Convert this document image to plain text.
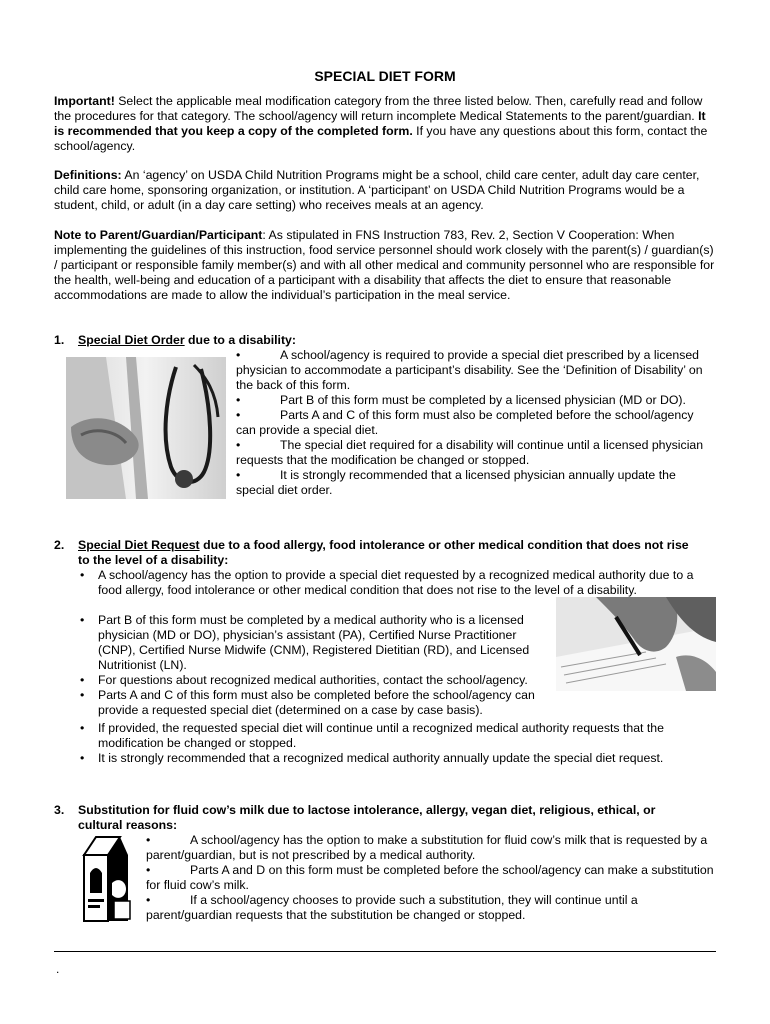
SPECIAL DIET FORM

Important! Select the applicable meal modification category from the three listed below. Then, carefully read and follow the procedures for that category. The school/agency will return incomplete Medical Statements to the parent/guardian. It is recommended that you keep a copy of the completed form. If you have any questions about this form, contact the school/agency.

Definitions: An ‘agency’ on USDA Child Nutrition Programs might be a school, child care center, adult day care center, child care home, sponsoring organization, or institution. A ‘participant’ on USDA Child Nutrition Programs would be a student, child, or adult (in a day care setting) who receives meals at an agency.

Note to Parent/Guardian/Participant: As stipulated in FNS Instruction 783, Rev. 2, Section V Cooperation: When implementing the guidelines of this instruction, food service personnel should work closely with the parent(s) / guardian(s) / participant or responsible family member(s) and with all other medical and community personnel who are responsible for the health, well-being and education of a participant with a disability that affects the diet to ensure that reasonable accommodations are made to allow the individual’s participation in the meal service.

1. Special Diet Order due to a disability:
•A school/agency is required to provide a special diet prescribed by a licensed physician to accommodate a participant’s disability. See the ‘Definition of Disability’ on the back of this form.
•Part B of this form must be completed by a licensed physician (MD or DO).
•Parts A and C of this form must also be completed before the school/agency can provide a special diet.
•The special diet required for a disability will continue until a licensed physician requests that the modification be changed or stopped.
•It is strongly recommended that a licensed physician annually update the special diet order.
2. Special Diet Request due to a food allergy, food intolerance or other medical condition that does not rise
to the level of a disability:
• A school/agency has the option to provide a special diet requested by a recognized medical authority due to a food allergy, food intolerance or other medical condition that does not rise to the level of a disability.
• Part B of this form must be completed by a medical authority who is a licensed physician (MD or DO), physician’s assistant (PA), Certified Nurse Practitioner (CNP), Certified Nurse Midwife (CNM), Registered Dietitian (RD), and Licensed Nutritionist (LN).
• For questions about recognized medical authorities, contact the school/agency.
• Parts A and C of this form must also be completed before the school/agency can provide a requested special diet (determined on a case by case basis).
• If provided, the requested special diet will continue until a recognized medical authority requests that the modification be changed or stopped.
• It is strongly recommended that a recognized medical authority annually update the special diet request.
3. Substitution for fluid cow’s milk due to lactose intolerance, allergy, vegan diet, religious, ethical, or
cultural reasons:
•A school/agency has the option to make a substitution for fluid cow’s milk that is requested by a parent/guardian, but is not prescribed by a medical authority.
•Parts A and D on this form must be completed before the school/agency can make a substitution for fluid cow’s milk.
•If a school/agency chooses to provide such a substitution, they will continue until a parent/guardian requests that the substitution be changed or stopped.
.
